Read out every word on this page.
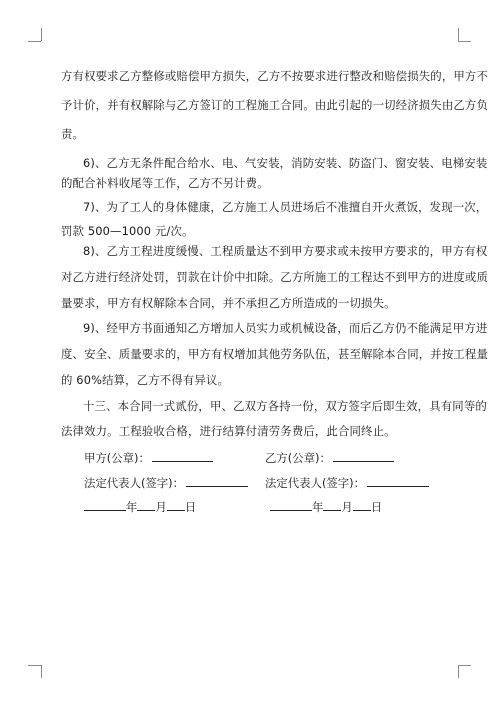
方有权要求乙方整修或赔偿甲方损失，乙方不按要求进行整改和赔偿损失的，甲方不
予计价，并有权解除与乙方签订的工程施工合同。由此引起的一切经济损失由乙方负
责。
6)、乙方无条件配合给水、电、气安装，消防安装、防盗门、窗安装、电梯安装
的配合补料收尾等工作，乙方不另计费。
7)、为了工人的身体健康，乙方施工人员进场后不准擅自开火煮饭，发现一次，
罚款 500—1000 元/次。
8)、乙方工程进度缓慢、工程质量达不到甲方要求或未按甲方要求的，甲方有权
对乙方进行经济处罚，罚款在计价中扣除。乙方所施工的工程达不到甲方的进度或质
量要求，甲方有权解除本合同，并不承担乙方所造成的一切损失。
9)、经甲方书面通知乙方增加人员实力或机械设备，而后乙方仍不能满足甲方进
度、安全、质量要求的，甲方有权增加其他劳务队伍，甚至解除本合同，并按工程量
的 60%结算，乙方不得有异议。
十三、本合同一式贰份，甲、乙双方各持一份，双方签字后即生效，具有同等的
法律效力。工程验收合格，进行结算付清劳务费后，此合同终止。
甲方(公章)：	乙方(公章)：
法定代表人(签字)：	法定代表人(签字)：
年 月 日	年 月 日
